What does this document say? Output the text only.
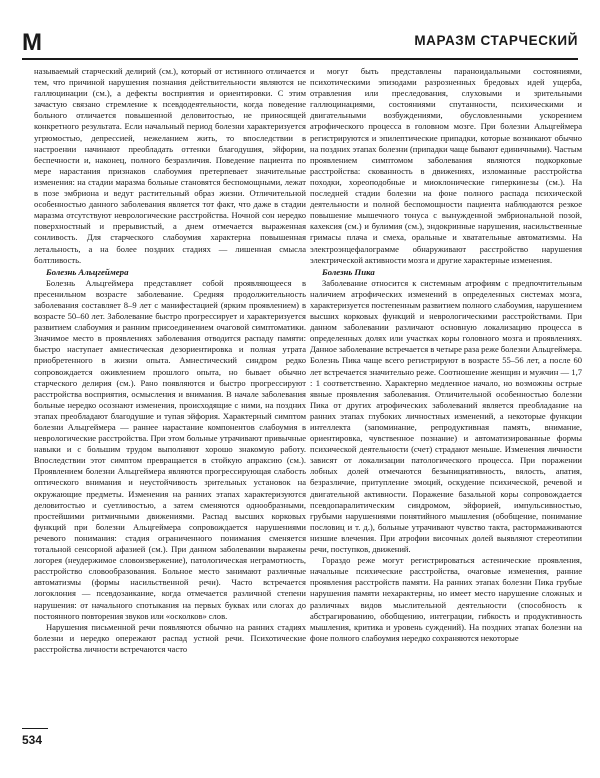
М	МАРАЗМ СТАРЧЕСКИЙ

называемый старческий делирий (см.), который от истинного отличается тем, что причиной нарушения познания действительности являются не галлюцинации (см.), а дефекты восприятия и ориентировки. С этим зачастую связано стремление к псевдодеятельности, когда поведение больного отличается повышенной деловитостью, не приносящей конкретного результата. Если начальный период болезни характеризуется угрюмостью, депрессией, нежеланием жить, то впоследствии в настроении начинают преобладать оттенки благодушия, эйфории, беспечности и, наконец, полного безразличия. Поведение пациента по мере нарастания признаков слабоумия претерпевает значительные изменения: на стадии маразма больные становятся беспомощными, лежат в позе эмбриона и ведут растительный образ жизни. Отличительной особенностью данного заболевания является тот факт, что даже в стадии маразма отсутствуют неврологические расстройства. Ночной сон нередко поверхностный и прерывистый, а днем отмечается выраженная сонливость. Для старческого слабоумия характерна повышенная летальность, а на более поздних стадиях — лишенная смысла болтливость.

Болезнь Альцгеймера

Болезнь Альцгеймера представляет собой проявляющееся в пресенильном возрасте заболевание. Средняя продолжительность заболевания составляет 8–9 лет с манифестацией (ярким проявлением) в возрасте 50–60 лет. Заболевание быстро прогрессирует и характеризуется развитием слабоумия и ранним присоединением очаговой симптоматики. Значимое место в проявлениях заболевания отводится распаду памяти: быстро наступает амнестическая дезориентировка и полная утрата приобретенного в жизни опыта. Амнестический синдром редко сопровождается оживлением прошлого опыта, но бывает обычно старческого делирия (см.). Рано появляются и быстро прогрессируют расстройства восприятия, осмысления и внимания. В начале заболевания больные нередко осознают изменения, происходящие с ними, на поздних этапах преобладают благодушие и тупая эйфория. Характерный симптом болезни Альцгеймера — раннее нарастание компонентов слабоумия в неврологические расстройства. При этом больные утрачивают привычные навыки и с большим трудом выполняют хорошо знакомую работу. Впоследствии этот симптом превращается в стойкую апраксию (см.). Проявлением болезни Альцгеймера являются прогрессирующая слабость оптического внимания и неустойчивость зрительных установок на окружающие предметы. Изменения на ранних этапах характеризуются деловитостью и суетливостью, а затем сменяются однообразными, простейшими ритмичными движениями. Распад высших корковых функций при болезни Альцгеймера сопровождается нарушениями речевого понимания: стадия ограниченного понимания сменяется тотальной сенсорной афазией (см.). При данном заболевании выражены логорея (неудержимое словоизвержение), патологическая неграмотность, расстройство словообразования. Больное место занимают различные автоматизмы (формы насильственной речи). Часто встречается логоклония — псевдозаикание, когда отмечается различной степени нарушения: от начального спотыкания на первых буквах или слогах до постоянного повторения звуков или «осколков» слов.

Нарушения письменной речи появляются обычно на ранних стадиях болезни и нередко опережают распад устной речи. Психотические расстройства личности встречаются часто

и могут быть представлены параноидальными состояниями, психотическими эпизодами разрозненных бредовых идей ущерба, отравления или преследования, слуховыми и зрительными галлюцинациями, состояниями спутанности, психическими и двигательными возбуждениями, обусловленными ускорением атрофического процесса в головном мозге. При болезни Альцгеймера регистрируются и эпилептические припадки, которые возникают обычно на поздних этапах болезни (припадки чаще бывают единичными). Частым проявлением симптомом заболевания являются подкорковые расстройства: скованность в движениях, изломанные расстройства походки, хореоподобные и миоклонические гиперкинезы (см.). На последней стадии болезни на фоне полного распада психической деятельности и полной беспомощности пациента наблюдаются резкое повышение мышечного тонуса с вынужденной эмбриональной позой, кахексия (см.) и булимия (см.), эндокринные нарушения, насильственные гримасы плача и смеха, оральные и хватательные автоматизмы. На электроэнцефалограмме обнаруживают расстройство нарушения электрической активности мозга и другие характерные изменения.

Болезнь Пика

Заболевание относится к системным атрофиям с предпочтительным наличием атрофических изменений в определенных системах мозга, характеризуется постепенным развитием полного слабоумия, нарушением высших корковых функций и неврологическими расстройствами. При данном заболевании различают основную локализацию процесса в определенных долях или участках коры головного мозга и проявлениях. Данное заболевание встречается в четыре раза реже болезни Альцгеймера. Болезнь Пика чаще всего регистрируют в возрасте 55–56 лет, а после 60 лет встречается значительно реже. Соотношение женщин и мужчин — 1,7 : 1 соответственно. Характерно медленное начало, но возможны острые явные проявления заболевания. Отличительной особенностью болезни Пика от других атрофических заболеваний является преобладание на ранних этапах глубоких личностных изменений, а некоторые функции интеллекта (запоминание, репродуктивная память, внимание, ориентировка, чувственное познание) и автоматизированные формы психической деятельности (счет) страдают меньше. Изменения личности зависят от локализации патологического процесса. При поражении лобных долей отмечаются безынициативность, вялость, апатия, безразличие, притупление эмоций, оскудение психической, речевой и двигательной активности. Поражение базальной коры сопровождается псевдопаралитическим синдромом, эйфорией, импульсивностью, грубыми нарушениями понятийного мышления (обобщение, понимание пословиц и т. д.), больные утрачивают чувство такта, растормаживаются низшие влечения. При атрофии височных долей выявляют стереотипии речи, поступков, движений.

Гораздо реже могут регистрироваться астенические проявления, начальные психические расстройства, очаговые изменения, ранние проявления расстройств памяти. На ранних этапах болезни Пика грубые нарушения памяти нехарактерны, но имеет место нарушение сложных и различных видов мыслительной деятельности (способность к абстрагированию, обобщению, интеграции, гибкость и продуктивность мышления, критика и уровень суждений). На поздних этапах болезни на фоне полного слабоумия нередко сохраняются некоторые

534
